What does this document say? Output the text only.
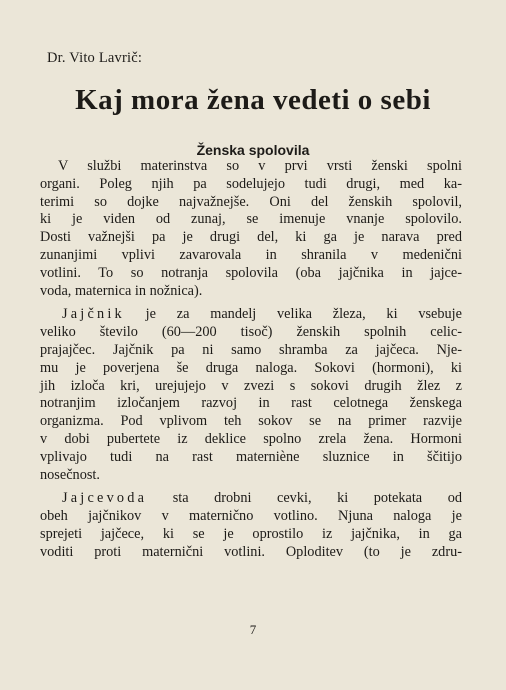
Dr. Vito Lavrič:
Kaj mora žena vedeti o sebi
Ženska spolovila
V službi materinstva so v prvi vrsti ženski spolni
organi. Poleg njih pa sodelujejo tudi drugi, med ka-
terimi so dojke najvažnejše. Oni del ženskih spolovil,
ki je viden od zunaj, se imenuje vnanje spolovilo.
Dosti važnejši pa je drugi del, ki ga je narava pred
zunanjimi vplivi zavarovala in shranila v medenični
votlini. To so notranja spolovila (oba jajčnika in jajce-
voda, maternica in nožnica).
Jajčnik je za mandelj velika žleza, ki vsebuje
veliko število (60—200 tisoč) ženskih spolnih celic-
prajajčec. Jajčnik pa ni samo shramba za jajčeca. Nje-
mu je poverjena še druga naloga. Sokovi (hormoni), ki
jih izloča kri, urejujejo v zvezi s sokovi drugih žlez z
notranjim izločanjem razvoj in rast celotnega ženskega
organizma. Pod vplivom teh sokov se na primer razvije
v dobi pubertete iz deklice spolno zrela žena. Hormoni
vplivajo tudi na rast materniène sluznice in ščitijo
nosečnost.
Jajcevoda sta drobni cevki, ki potekata od
obeh jajčnikov v maternično votlino. Njuna naloga je
sprejeti jajčece, ki se je oprostilo iz jajčnika, in ga
voditi proti maternični votlini. Oploditev (to je zdru-
7
